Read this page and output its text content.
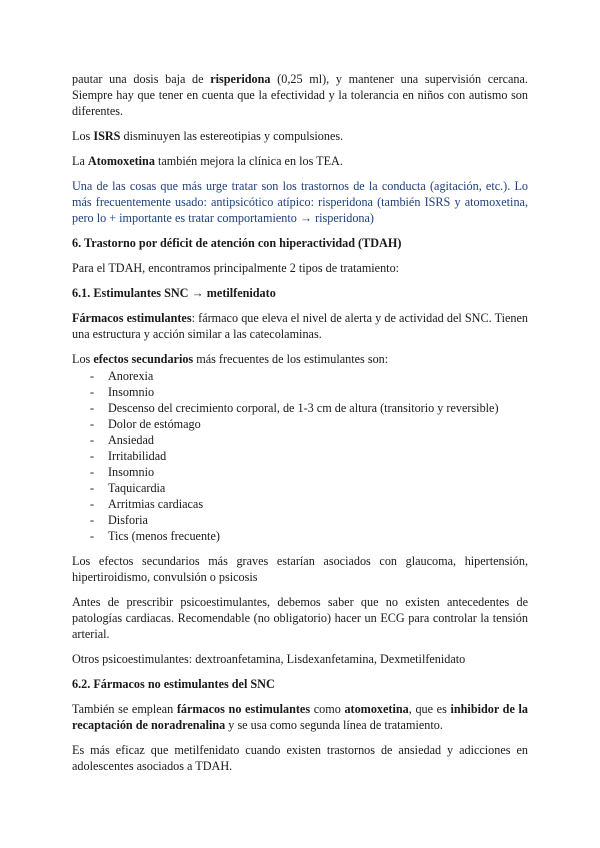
pautar una dosis baja de risperidona (0,25 ml), y mantener una supervisión cercana. Siempre hay que tener en cuenta que la efectividad y la tolerancia en niños con autismo son diferentes.

Los ISRS disminuyen las estereotipias y compulsiones.

La Atomoxetina también mejora la clínica en los TEA.

Una de las cosas que más urge tratar son los trastornos de la conducta (agitación, etc.). Lo más frecuentemente usado: antipsicótico atípico: risperidona (también ISRS y atomoxetina, pero lo + importante es tratar comportamiento → risperidona)

6. Trastorno por déficit de atención con hiperactividad (TDAH)

Para el TDAH, encontramos principalmente 2 tipos de tratamiento:

6.1. Estimulantes SNC → metilfenidato

Fármacos estimulantes: fármaco que eleva el nivel de alerta y de actividad del SNC. Tienen una estructura y acción similar a las catecolaminas.

Los efectos secundarios más frecuentes de los estimulantes son:

- Anorexia
- Insomnio
- Descenso del crecimiento corporal, de 1-3 cm de altura (transitorio y reversible)
- Dolor de estómago
- Ansiedad
- Irritabilidad
- Insomnio
- Taquicardia
- Arritmias cardiacas
- Disforia
- Tics (menos frecuente)

Los efectos secundarios más graves estarían asociados con glaucoma, hipertensión, hipertiroidismo, convulsión o psicosis

Antes de prescribir psicoestimulantes, debemos saber que no existen antecedentes de patologías cardiacas. Recomendable (no obligatorio) hacer un ECG para controlar la tensión arterial.

Otros psicoestimulantes: dextroanfetamina, Lisdexanfetamina, Dexmetilfenidato

6.2. Fármacos no estimulantes del SNC

También se emplean fármacos no estimulantes como atomoxetina, que es inhibidor de la recaptación de noradrenalina y se usa como segunda línea de tratamiento.

Es más eficaz que metilfenidato cuando existen trastornos de ansiedad y adicciones en adolescentes asociados a TDAH.
